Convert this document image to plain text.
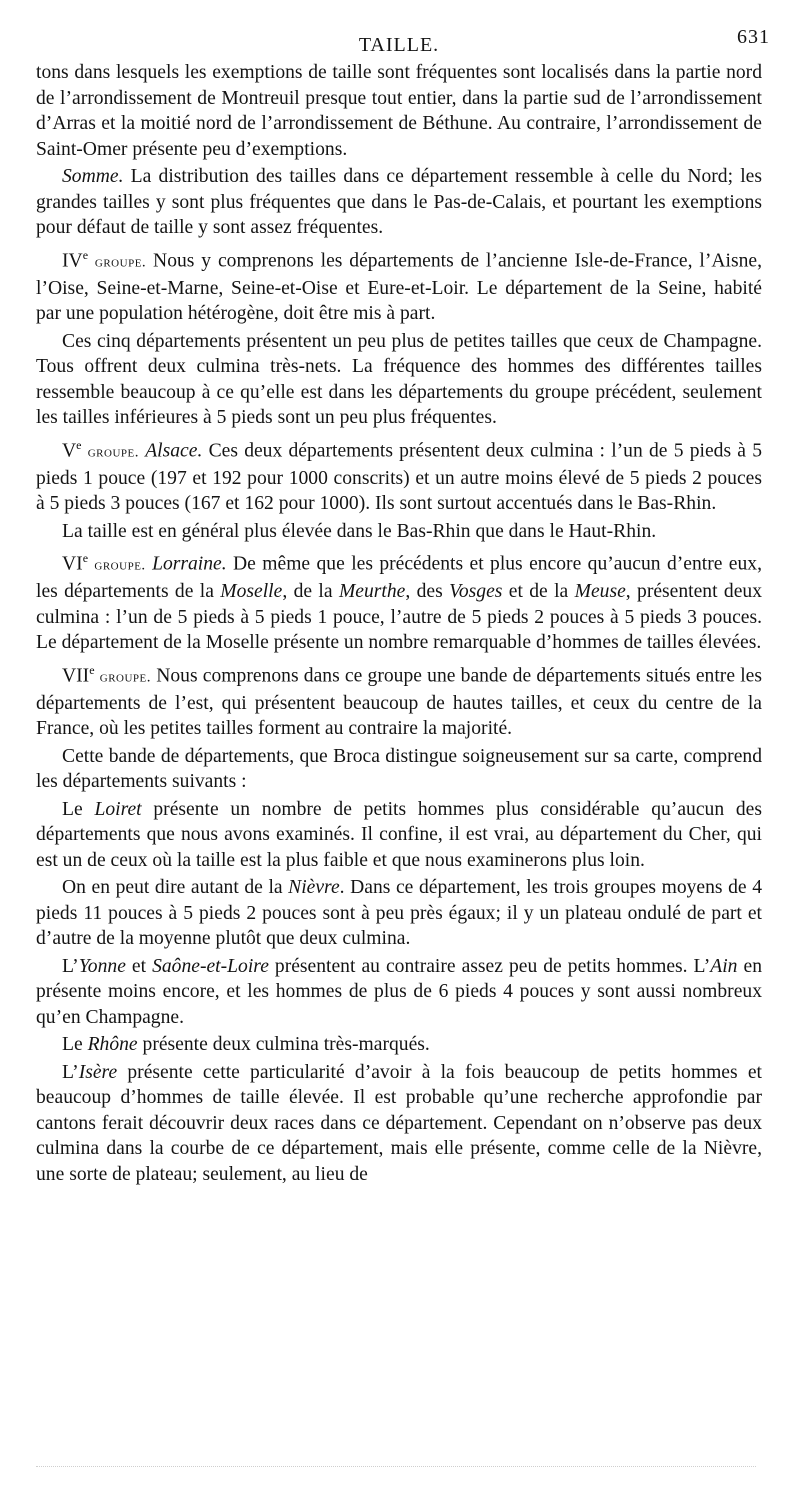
TAILLE.	631

tons dans lesquels les exemptions de taille sont fréquentes sont localisés dans la partie nord de l’arrondissement de Montreuil presque tout entier, dans la partie sud de l’arrondissement d’Arras et la moitié nord de l’arrondissement de Béthune. Au contraire, l’arrondissement de Saint-Omer présente peu d’exemptions.

Somme. La distribution des tailles dans ce département ressemble à celle du Nord; les grandes tailles y sont plus fréquentes que dans le Pas-de-Calais, et pourtant les exemptions pour défaut de taille y sont assez fréquentes.

IVe groupe. Nous y comprenons les départements de l’ancienne Isle-de-France, l’Aisne, l’Oise, Seine-et-Marne, Seine-et-Oise et Eure-et-Loir. Le département de la Seine, habité par une population hétérogène, doit être mis à part.

Ces cinq départements présentent un peu plus de petites tailles que ceux de Champagne. Tous offrent deux culmina très-nets. La fréquence des hommes des différentes tailles ressemble beaucoup à ce qu’elle est dans les départements du groupe précédent, seulement les tailles inférieures à 5 pieds sont un peu plus fréquentes.

Ve groupe. Alsace. Ces deux départements présentent deux culmina : l’un de 5 pieds à 5 pieds 1 pouce (197 et 192 pour 1000 conscrits) et un autre moins élevé de 5 pieds 2 pouces à 5 pieds 3 pouces (167 et 162 pour 1000). Ils sont surtout accentués dans le Bas-Rhin.

La taille est en général plus élevée dans le Bas-Rhin que dans le Haut-Rhin.

VIe groupe. Lorraine. De même que les précédents et plus encore qu’aucun d’entre eux, les départements de la Moselle, de la Meurthe, des Vosges et de la Meuse, présentent deux culmina : l’un de 5 pieds à 5 pieds 1 pouce, l’autre de 5 pieds 2 pouces à 5 pieds 3 pouces. Le département de la Moselle présente un nombre remarquable d’hommes de tailles élevées.

VIIe groupe. Nous comprenons dans ce groupe une bande de départements situés entre les départements de l’est, qui présentent beaucoup de hautes tailles, et ceux du centre de la France, où les petites tailles forment au contraire la majorité.

Cette bande de départements, que Broca distingue soigneusement sur sa carte, comprend les départements suivants :

Le Loiret présente un nombre de petits hommes plus considérable qu’aucun des départements que nous avons examinés. Il confine, il est vrai, au département du Cher, qui est un de ceux où la taille est la plus faible et que nous examinerons plus loin.

On en peut dire autant de la Nièvre. Dans ce département, les trois groupes moyens de 4 pieds 11 pouces à 5 pieds 2 pouces sont à peu près égaux; il y un plateau ondulé de part et d’autre de la moyenne plutôt que deux culmina.

L’Yonne et Saône-et-Loire présentent au contraire assez peu de petits hommes. L’Ain en présente moins encore, et les hommes de plus de 6 pieds 4 pouces y sont aussi nombreux qu’en Champagne.

Le Rhône présente deux culmina très-marqués.

L’Isère présente cette particularité d’avoir à la fois beaucoup de petits hommes et beaucoup d’hommes de taille élevée. Il est probable qu’une recherche approfondie par cantons ferait découvrir deux races dans ce département. Cependant on n’observe pas deux culmina dans la courbe de ce département, mais elle présente, comme celle de la Nièvre, une sorte de plateau; seulement, au lieu de
